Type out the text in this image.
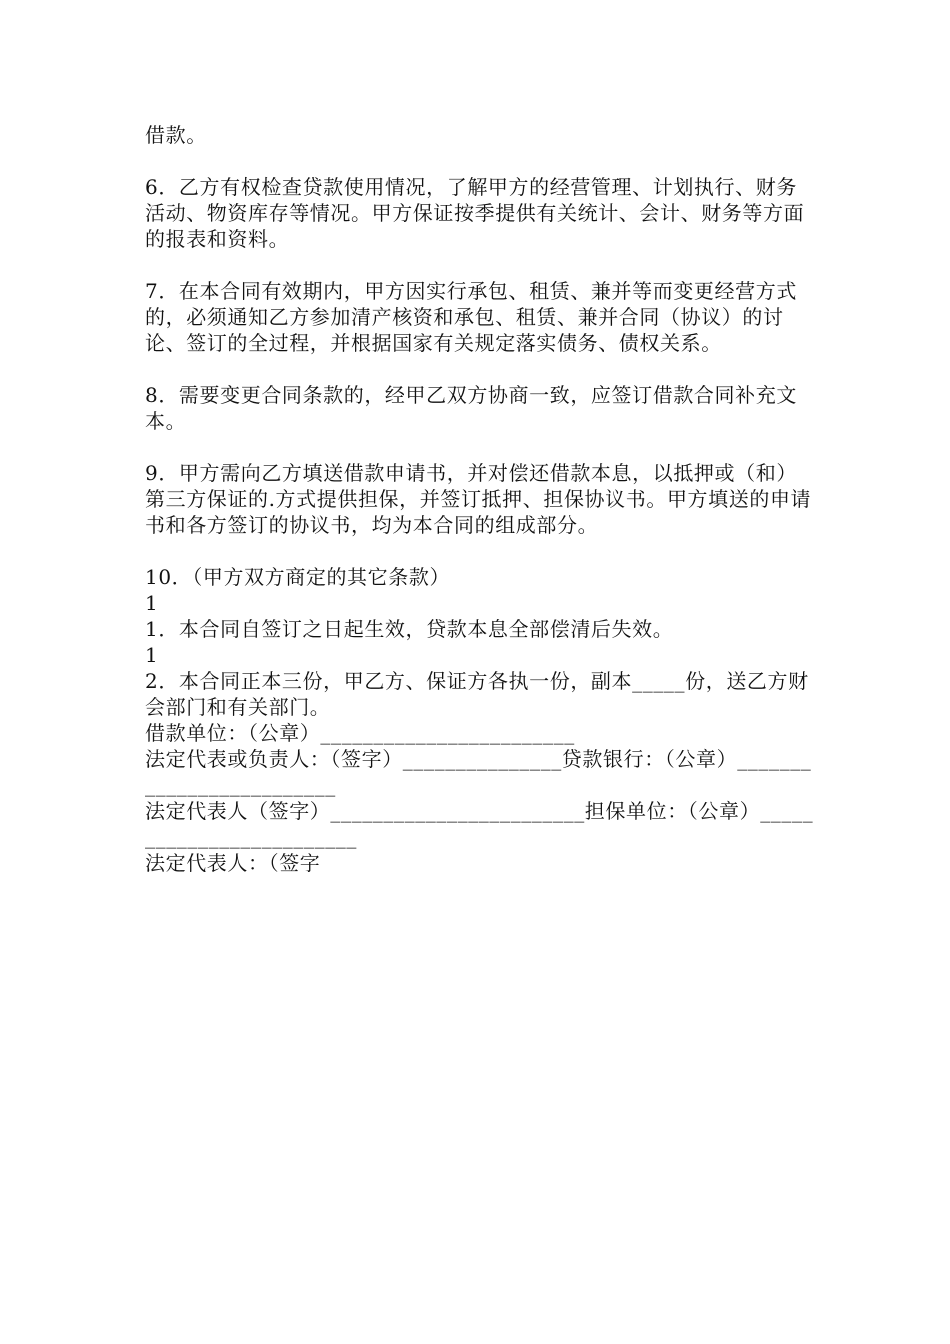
借款。

6．乙方有权检查贷款使用情况，了解甲方的经营管理、计划执行、财务活动、物资库存等情况。甲方保证按季提供有关统计、会计、财务等方面的报表和资料。

7．在本合同有效期内，甲方因实行承包、租赁、兼并等而变更经营方式的，必须通知乙方参加清产核资和承包、租赁、兼并合同（协议）的讨论、签订的全过程，并根据国家有关规定落实债务、债权关系。

8．需要变更合同条款的，经甲乙双方协商一致，应签订借款合同补充文本。

9．甲方需向乙方填送借款申请书，并对偿还借款本息，以抵押或（和）第三方保证的.方式提供担保，并签订抵押、担保协议书。甲方填送的申请书和各方签订的协议书，均为本合同的组成部分。

10．（甲方双方商定的其它条款）

1

1．本合同自签订之日起生效，贷款本息全部偿清后失效。

1

2．本合同正本三份，甲乙方、保证方各执一份，副本_____份，送乙方财会部门和有关部门。

借款单位：（公章）________________________

法定代表或负责人：（签字）_______________贷款银行：（公章）_________________________

法定代表人（签字）________________________担保单位：（公章）_________________________

法定代表人：（签字
